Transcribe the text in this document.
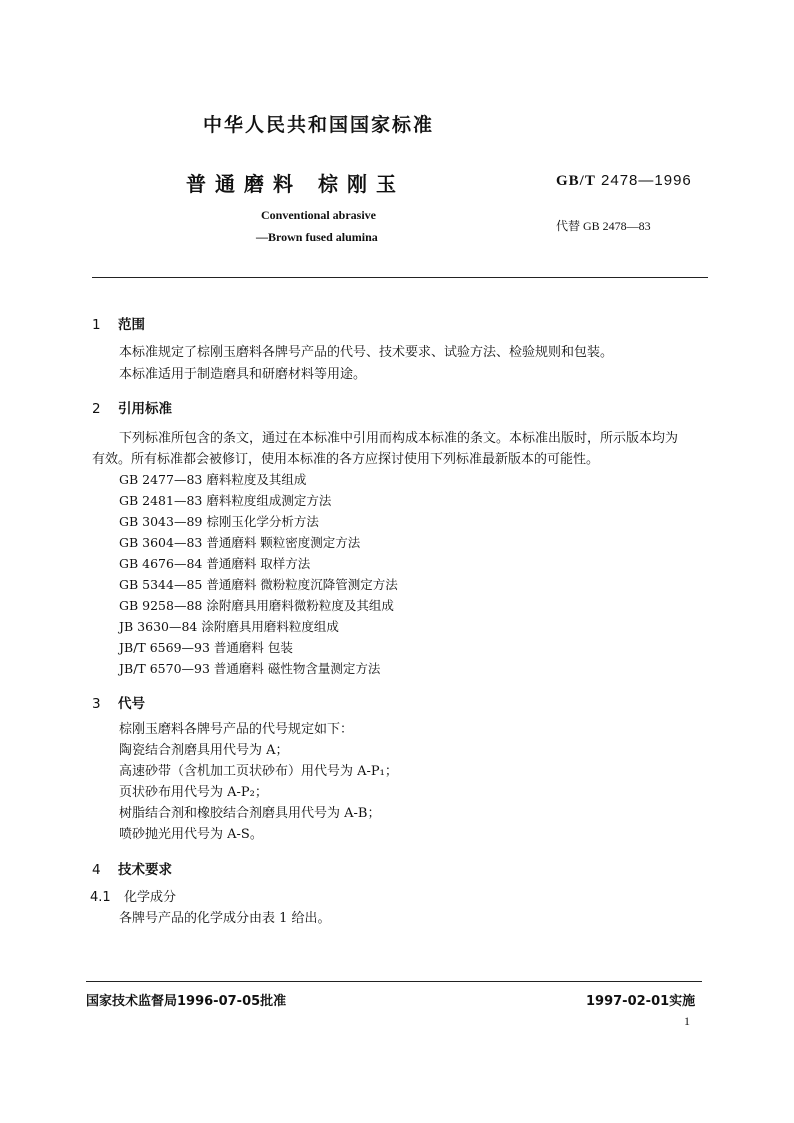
中华人民共和国国家标准
普通磨料 棕刚玉	GB/T 2478—1996
Conventional abrasive
—Brown fused alumina
代替 GB 2478—83
1 范围
本标准规定了棕刚玉磨料各牌号产品的代号、技术要求、试验方法、检验规则和包装。
本标准适用于制造磨具和研磨材料等用途。
2 引用标准
下列标准所包含的条文，通过在本标准中引用而构成本标准的条文。本标准出版时，所示版本均为
有效。所有标准都会被修订，使用本标准的各方应探讨使用下列标准最新版本的可能性。
GB 2477—83 磨料粒度及其组成
GB 2481—83 磨料粒度组成测定方法
GB 3043—89 棕刚玉化学分析方法
GB 3604—83 普通磨料 颗粒密度测定方法
GB 4676—84 普通磨料 取样方法
GB 5344—85 普通磨料 微粉粒度沉降管测定方法
GB 9258—88 涂附磨具用磨料微粉粒度及其组成
JB 3630—84 涂附磨具用磨料粒度组成
JB/T 6569—93 普通磨料 包装
JB/T 6570—93 普通磨料 磁性物含量测定方法
3 代号
棕刚玉磨料各牌号产品的代号规定如下：
陶瓷结合剂磨具用代号为 A；
高速砂带（含机加工页状砂布）用代号为 A-P₁；
页状砂布用代号为 A-P₂；
树脂结合剂和橡胶结合剂磨具用代号为 A-B；
喷砂抛光用代号为 A-S。
4 技术要求
4.1 化学成分
各牌号产品的化学成分由表 1 给出。
国家技术监督局1996-07-05批准	1997-02-01实施
1
